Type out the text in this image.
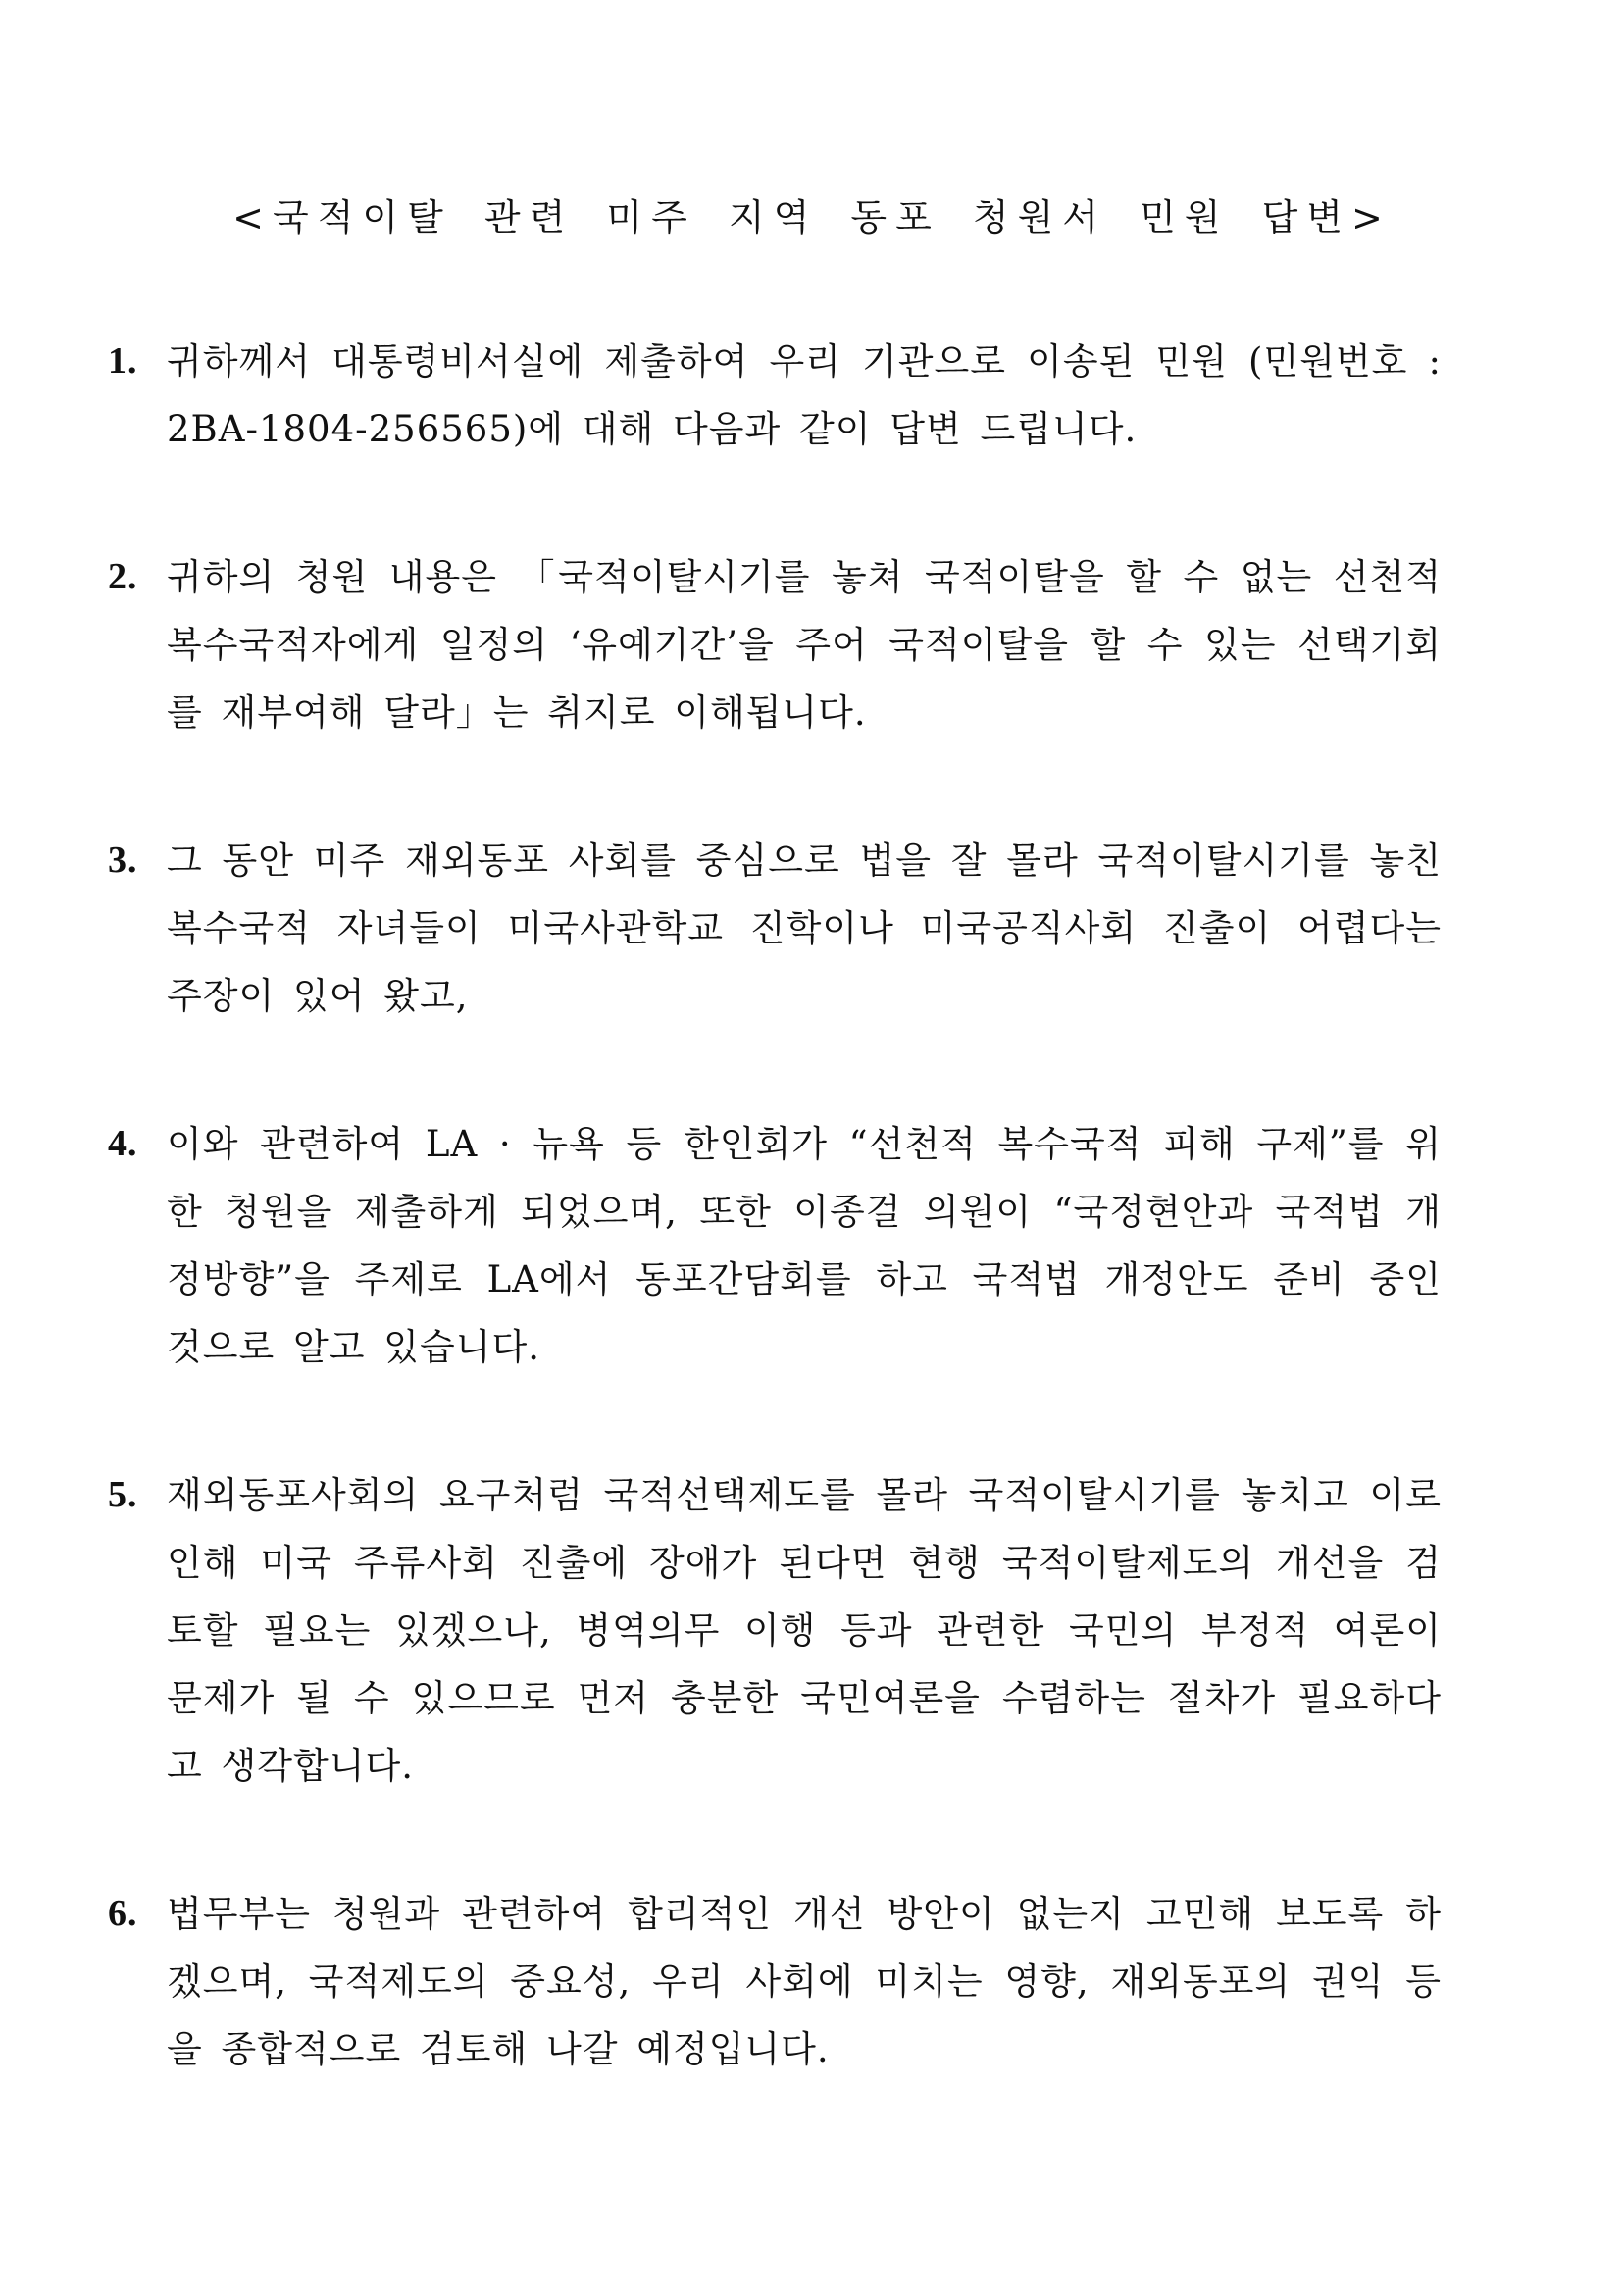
<국적이탈 관련 미주 지역 동포 청원서 민원 답변>
1. 귀하께서 대통령비서실에 제출하여 우리 기관으로 이송된 민원 (민원번호 : 2BA-1804-256565)에 대해 다음과 같이 답변 드립니다.
2. 귀하의 청원 내용은 「국적이탈시기를 놓쳐 국적이탈을 할 수 없는 선천적 복수국적자에게 일정의 ‘유예기간’을 주어 국적이탈을 할 수 있는 선택기회를 재부여해 달라」는 취지로 이해됩니다.
3. 그 동안 미주 재외동포 사회를 중심으로 법을 잘 몰라 국적이탈시기를 놓친 복수국적 자녀들이 미국사관학교 진학이나 미국공직사회 진출이 어렵다는 주장이 있어 왔고,
4. 이와 관련하여 LA · 뉴욕 등 한인회가 “선천적 복수국적 피해 구제”를 위한 청원을 제출하게 되었으며, 또한 이종걸 의원이 “국정현안과 국적법 개정방향”을 주제로 LA에서 동포간담회를 하고 국적법 개정안도 준비 중인 것으로 알고 있습니다.
5. 재외동포사회의 요구처럼 국적선택제도를 몰라 국적이탈시기를 놓치고 이로 인해 미국 주류사회 진출에 장애가 된다면 현행 국적이탈제도의 개선을 검토할 필요는 있겠으나, 병역의무 이행 등과 관련한 국민의 부정적 여론이 문제가 될 수 있으므로 먼저 충분한 국민여론을 수렴하는 절차가 필요하다고 생각합니다.
6. 법무부는 청원과 관련하여 합리적인 개선 방안이 없는지 고민해 보도록 하겠으며, 국적제도의 중요성, 우리 사회에 미치는 영향, 재외동포의 권익 등을 종합적으로 검토해 나갈 예정입니다.
